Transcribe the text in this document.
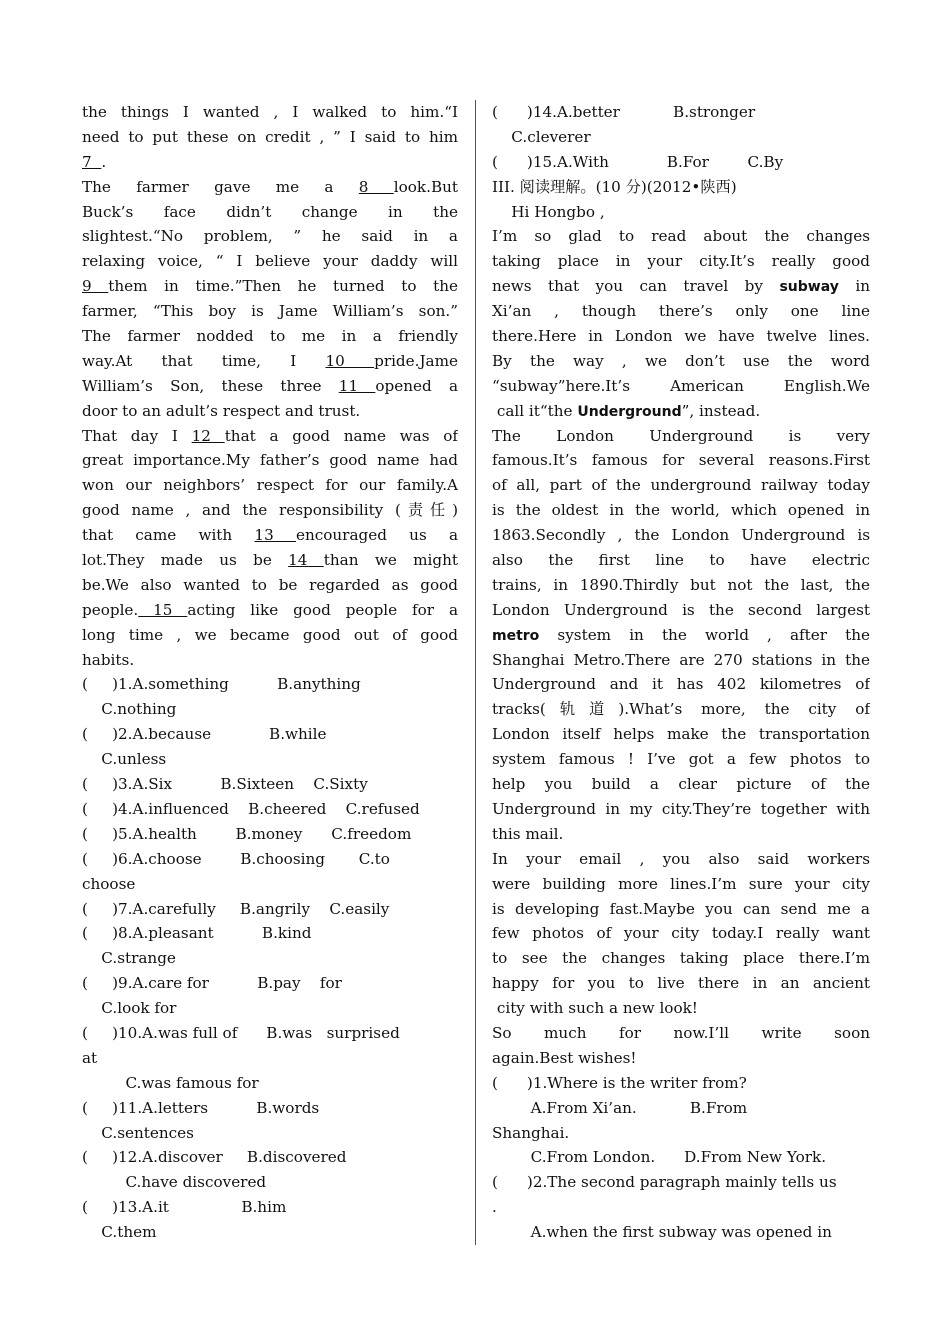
the things I wanted , I walked to him.“I
need to put these on credit , ” I said to him
7  .
The farmer gave me a 8 look.But
Buck’s face didn’t change in the
slightest.“No problem, ” he said in a
relaxing voice, “ I believe your daddy will
9 them in time.”Then he turned to the
farmer, “This boy is Jame William’s son.”
The farmer nodded to me in a friendly
way.At that time, I 10 pride.Jame
William’s Son, these three 11 opened a
door to an adult’s respect and trust.
That day I 12 that a good name was of
great importance.My father’s good name had
won our neighbors’ respect for our family.A
good name , and the responsibility (责任)
that came with 13 encouraged us a
lot.They made us be 14 than we might
be.We also wanted to be regarded as good
people. 15 acting like good people for a
long time , we became good out of good
habits.
(     )1.A.something          B.anything
C.nothing
(     )2.A.because            B.while
C.unless
(     )3.A.Six          B.Sixteen    C.Sixty
(     )4.A.influenced    B.cheered    C.refused
(     )5.A.health        B.money      C.freedom
(     )6.A.choose        B.choosing       C.to
choose
(     )7.A.carefully     B.angrily    C.easily
(     )8.A.pleasant          B.kind
C.strange
(     )9.A.care for          B.pay    for
C.look for
(     )10.A.was full of      B.was   surprised
at
C.was famous for
(     )11.A.letters          B.words
C.sentences
(     )12.A.discover     B.discovered
C.have discovered
(     )13.A.it               B.him
C.them
(      )14.A.better           B.stronger
C.cleverer
(      )15.A.With            B.For        C.By
III. 阅读理解。(10 分)(2012•陕西)
Hi Hongbo ,
I’m so glad to read about the changes
taking place in your city.It’s really good
news that you can travel by subway in
Xi’an , though there’s only one line
there.Here in London we have twelve lines.
By the way , we don’t use the word
“subway”here.It’s American English.We
call it“the Underground”, instead.
The London Underground is very
famous.It’s famous for several reasons.First
of all, part of the underground railway today
is the oldest in the world, which opened in
1863.Secondly , the London Underground is
also the first line to have electric
trains, in 1890.Thirdly but not the last, the
London Underground is the second largest
metro system in the world , after the
Shanghai Metro.There are 270 stations in the
Underground and it has 402 kilometres of
tracks(轨道).What’s more, the city of
London itself helps make the transportation
system famous ! I’ve got a few photos to
help you build a clear picture of the
Underground in my city.They’re together with
this mail.
In your email , you also said workers
were building more lines.I’m sure your city
is developing fast.Maybe you can send me a
few photos of your city today.I really want
to see the changes taking place there.I’m
happy for you to live there in an ancient
city with such a new look!
So much for now.I’ll write soon
again.Best wishes!
(      )1.Where is the writer from?
A.From Xi’an.           B.From
Shanghai.
C.From London.      D.From New York.
(      )2.The second paragraph mainly tells us
.
A.when the first subway was opened in
